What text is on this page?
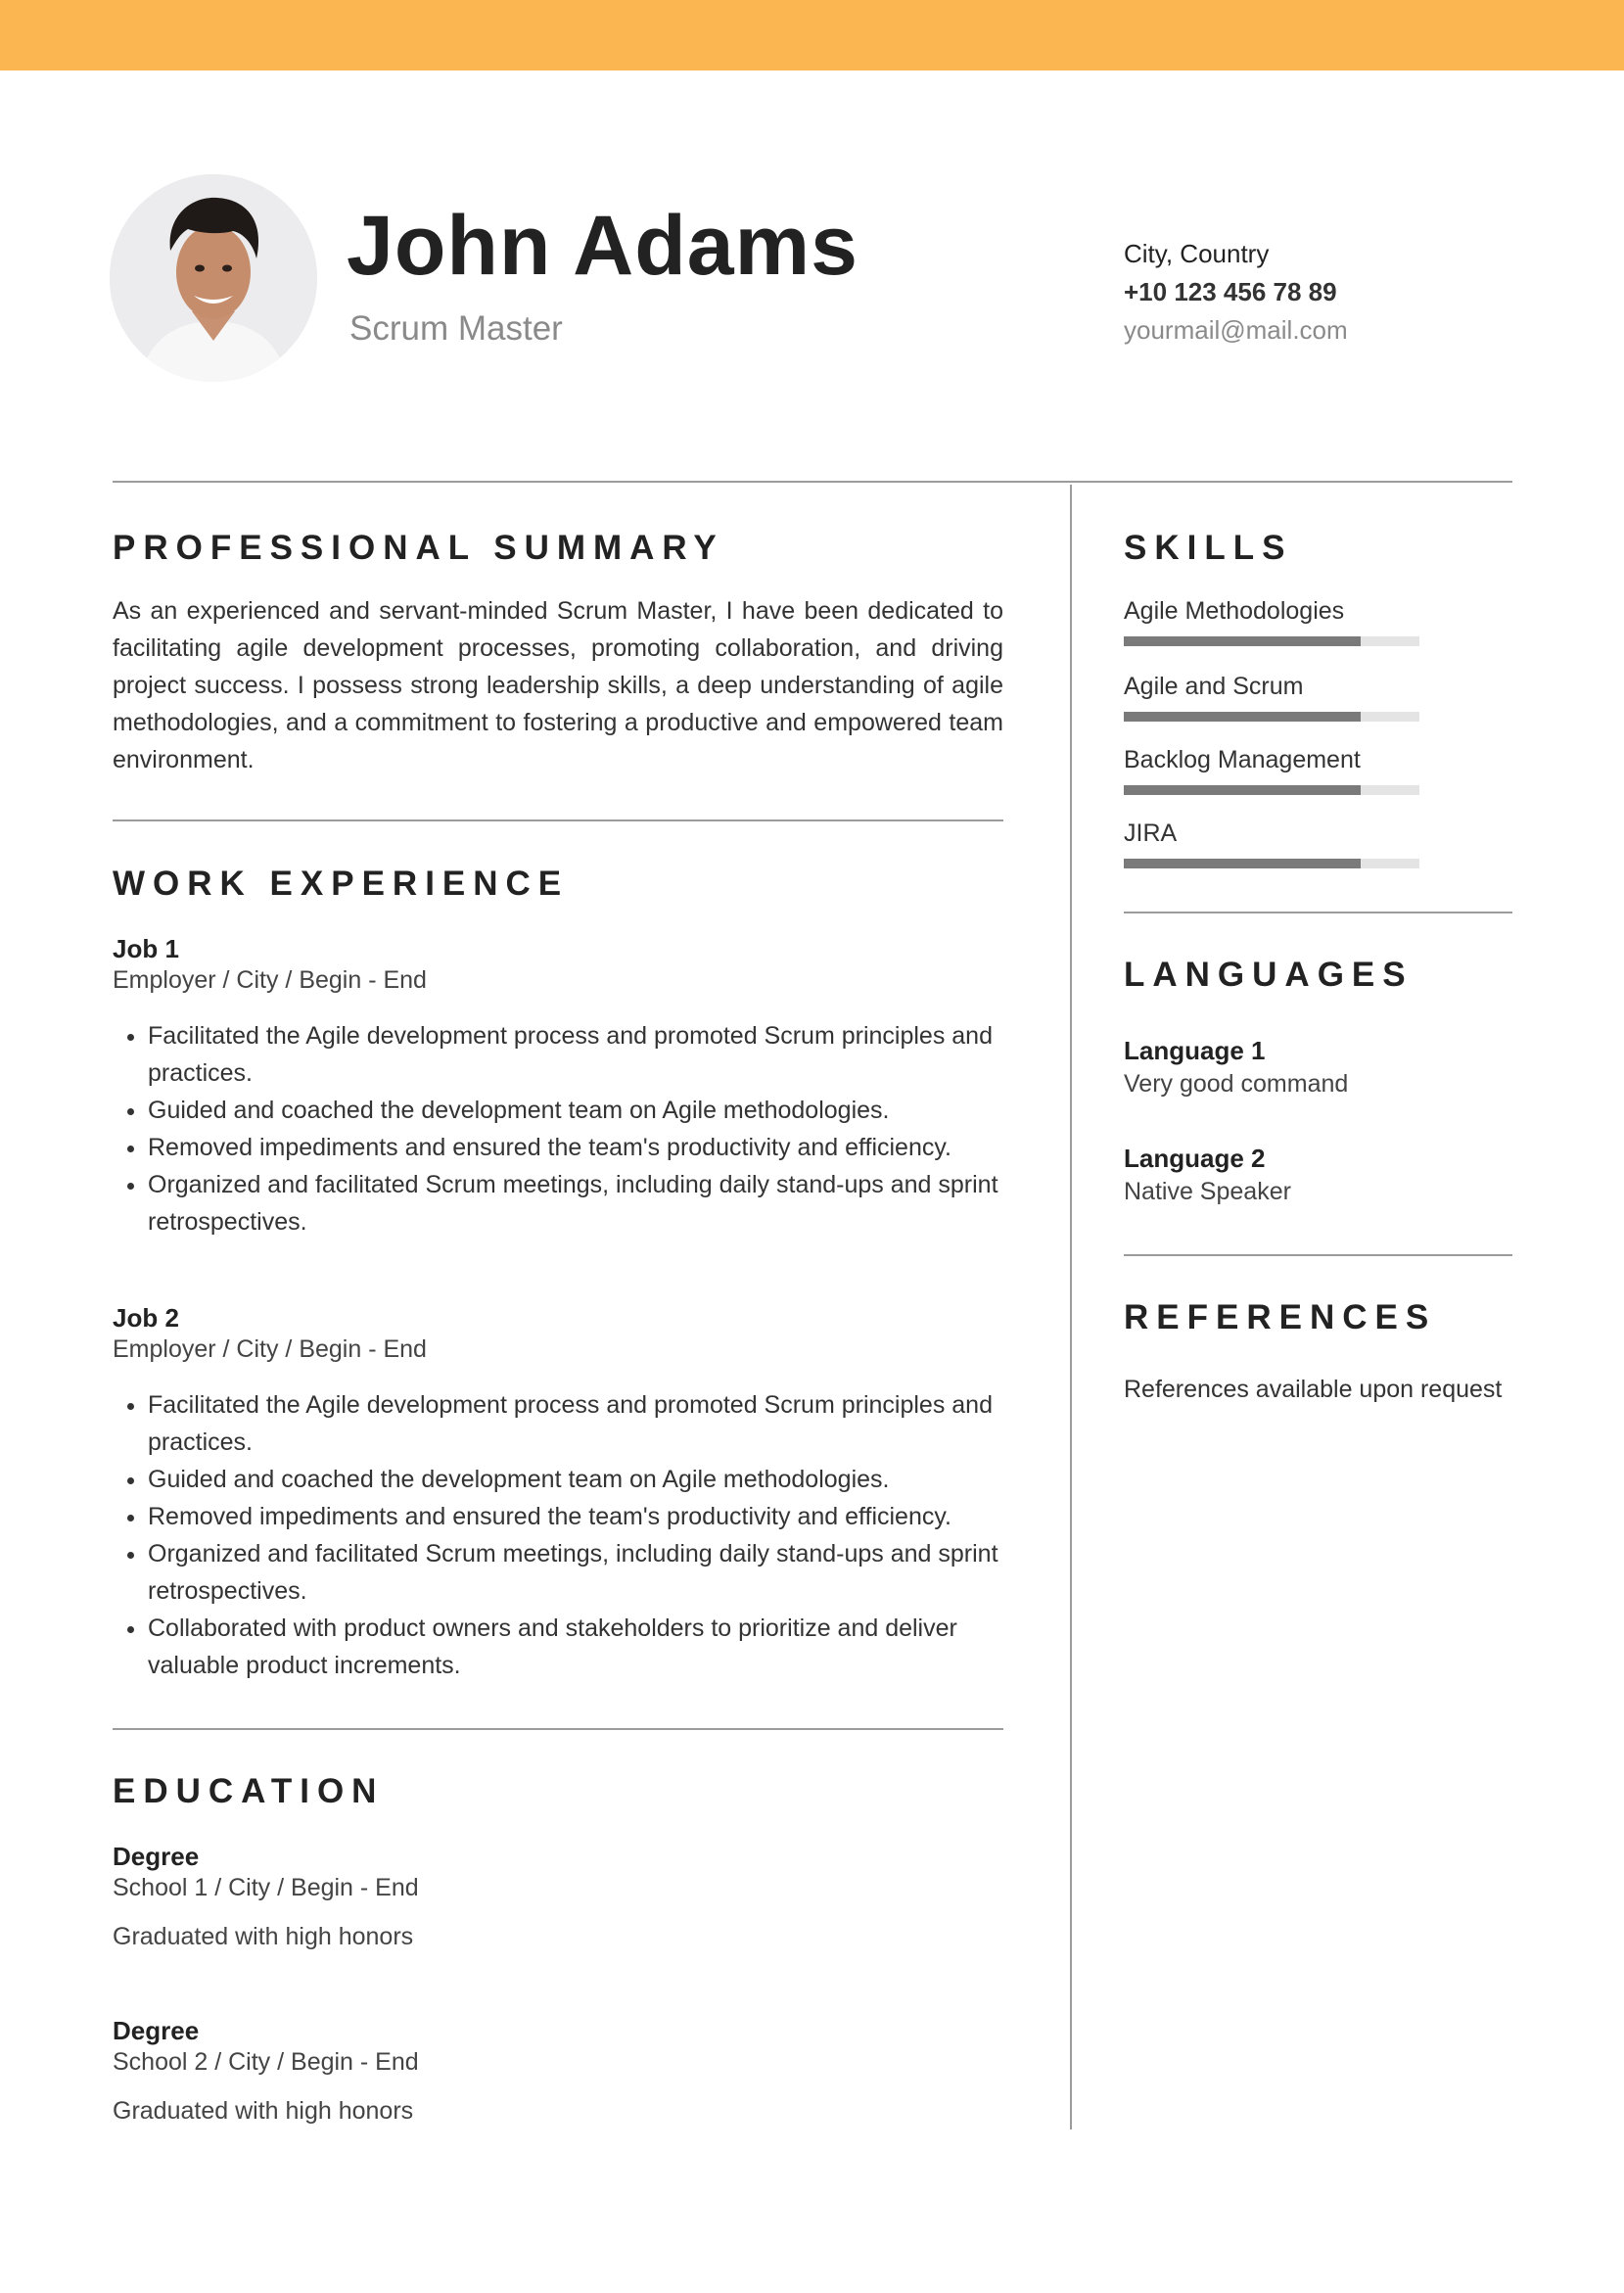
John Adams
Scrum Master
City, Country
+10 123 456 78 89
yourmail@mail.com
PROFESSIONAL SUMMARY
As an experienced and servant-minded Scrum Master, I have been dedicated to facilitating agile development processes, promoting collaboration, and driving project success. I possess strong leadership skills, a deep understanding of agile methodologies, and a commitment to fostering a productive and empowered team environment.
WORK EXPERIENCE
Job 1
Employer / City / Begin - End
• Facilitated the Agile development process and promoted Scrum principles and practices.
• Guided and coached the development team on Agile methodologies.
• Removed impediments and ensured the team's productivity and efficiency.
• Organized and facilitated Scrum meetings, including daily stand-ups and sprint retrospectives.
Job 2
Employer / City / Begin - End
• Facilitated the Agile development process and promoted Scrum principles and practices.
• Guided and coached the development team on Agile methodologies.
• Removed impediments and ensured the team's productivity and efficiency.
• Organized and facilitated Scrum meetings, including daily stand-ups and sprint retrospectives.
• Collaborated with product owners and stakeholders to prioritize and deliver valuable product increments.
EDUCATION
Degree
School 1 / City / Begin - End
Graduated with high honors
Degree
School 2 / City / Begin - End
Graduated with high honors
SKILLS
Agile Methodologies
Agile and Scrum
Backlog Management
JIRA
LANGUAGES
Language 1
Very good command
Language 2
Native Speaker
REFERENCES
References available upon request
